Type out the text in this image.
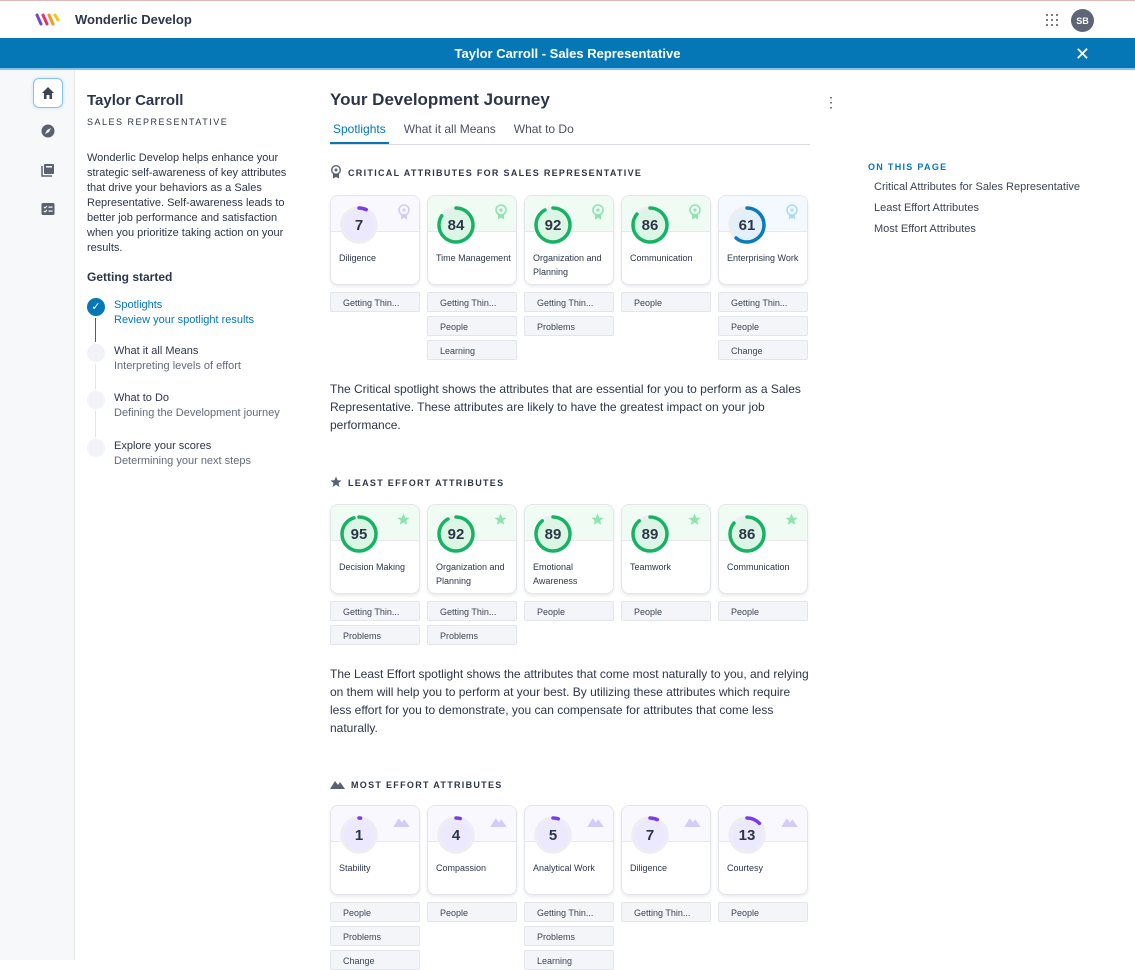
Wonderlic Develop	SB
Taylor Carroll - Sales Representative	✕
Taylor Carroll
SALES REPRESENTATIVE

Wonderlic Develop helps enhance your strategic self-awareness of key attributes that drive your behaviors as a Sales Representative. Self-awareness leads to better job performance and satisfaction when you prioritize taking action on your results.

Getting started
✓	Spotlights
Review your spotlight results
What it all Means
Interpreting levels of effort
What to Do
Defining the Development journey
Explore your scores
Determining your next steps
Your Development Journey	⋮
Spotlights What it all Means What to Do
CRITICAL ATTRIBUTES FOR SALES REPRESENTATIVE
7
Diligence
Getting Thin...
84
Time Management
Getting Thin...
People
Learning
92
Organization and Planning
Getting Thin...
Problems
86
Communication
People
61
Enterprising Work
Getting Thin...
People
Change

The Critical spotlight shows the attributes that are essential for you to perform as a Sales Representative. These attributes are likely to have the greatest impact on your job performance.

LEAST EFFORT ATTRIBUTES
95
Decision Making
Getting Thin...
Problems
92
Organization and Planning
Getting Thin...
Problems
89
Emotional Awareness
People
89
Teamwork
People
86
Communication
People

The Least Effort spotlight shows the attributes that come most naturally to you, and relying on them will help you to perform at your best. By utilizing these attributes which require less effort for you to demonstrate, you can compensate for attributes that come less naturally.

MOST EFFORT ATTRIBUTES
1
Stability
People
Problems
Change
4
Compassion
People
5
Analytical Work
Getting Thin...
Problems
Learning
7
Diligence
Getting Thin...
13
Courtesy
People
ON THIS PAGE
Critical Attributes for Sales Representative
Least Effort Attributes
Most Effort Attributes
